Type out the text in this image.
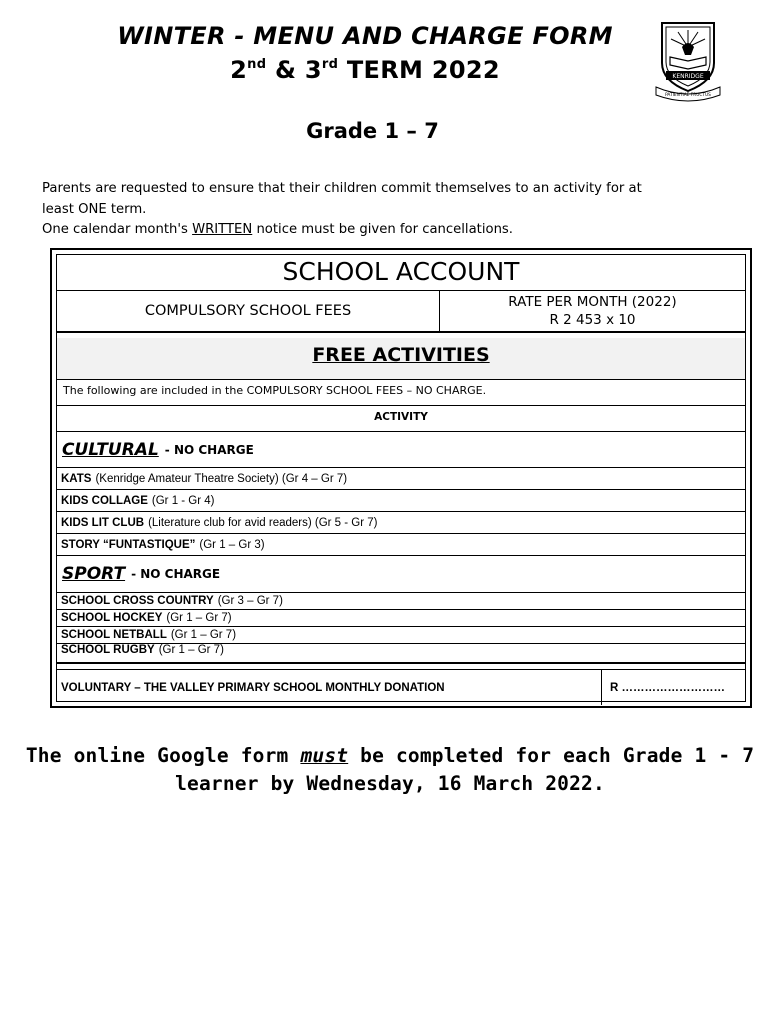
WINTER - MENU AND CHARGE FORM
2nd & 3rd TERM 2022	KENRIDGE
PATIENTIAE FRUCTUS
Grade 1 – 7
Parents are requested to ensure that their children commit themselves to an activity for at
least ONE term.
One calendar month's WRITTEN notice must be given for cancellations.
SCHOOL ACCOUNT
COMPULSORY SCHOOL FEES
RATE PER MONTH (2022)
R 2 453 x 10
FREE ACTIVITIES
The following are included in the COMPULSORY SCHOOL FEES – NO CHARGE.
ACTIVITY
CULTURAL - NO CHARGE
KATS (Kenridge Amateur Theatre Society) (Gr 4 – Gr 7)
KIDS COLLAGE (Gr 1 - Gr 4)
KIDS LIT CLUB (Literature club for avid readers) (Gr 5 - Gr 7)
STORY “FUNTASTIQUE” (Gr 1 – Gr 3)
SPORT - NO CHARGE
SCHOOL CROSS COUNTRY (Gr 3 – Gr 7)
SCHOOL HOCKEY (Gr 1 – Gr 7)
SCHOOL NETBALL (Gr 1 – Gr 7)
SCHOOL RUGBY (Gr 1 – Gr 7)
VOLUNTARY – THE VALLEY PRIMARY SCHOOL MONTHLY DONATION	R ………………………
The online Google form must be completed for each Grade 1 - 7
learner by Wednesday, 16 March 2022.
